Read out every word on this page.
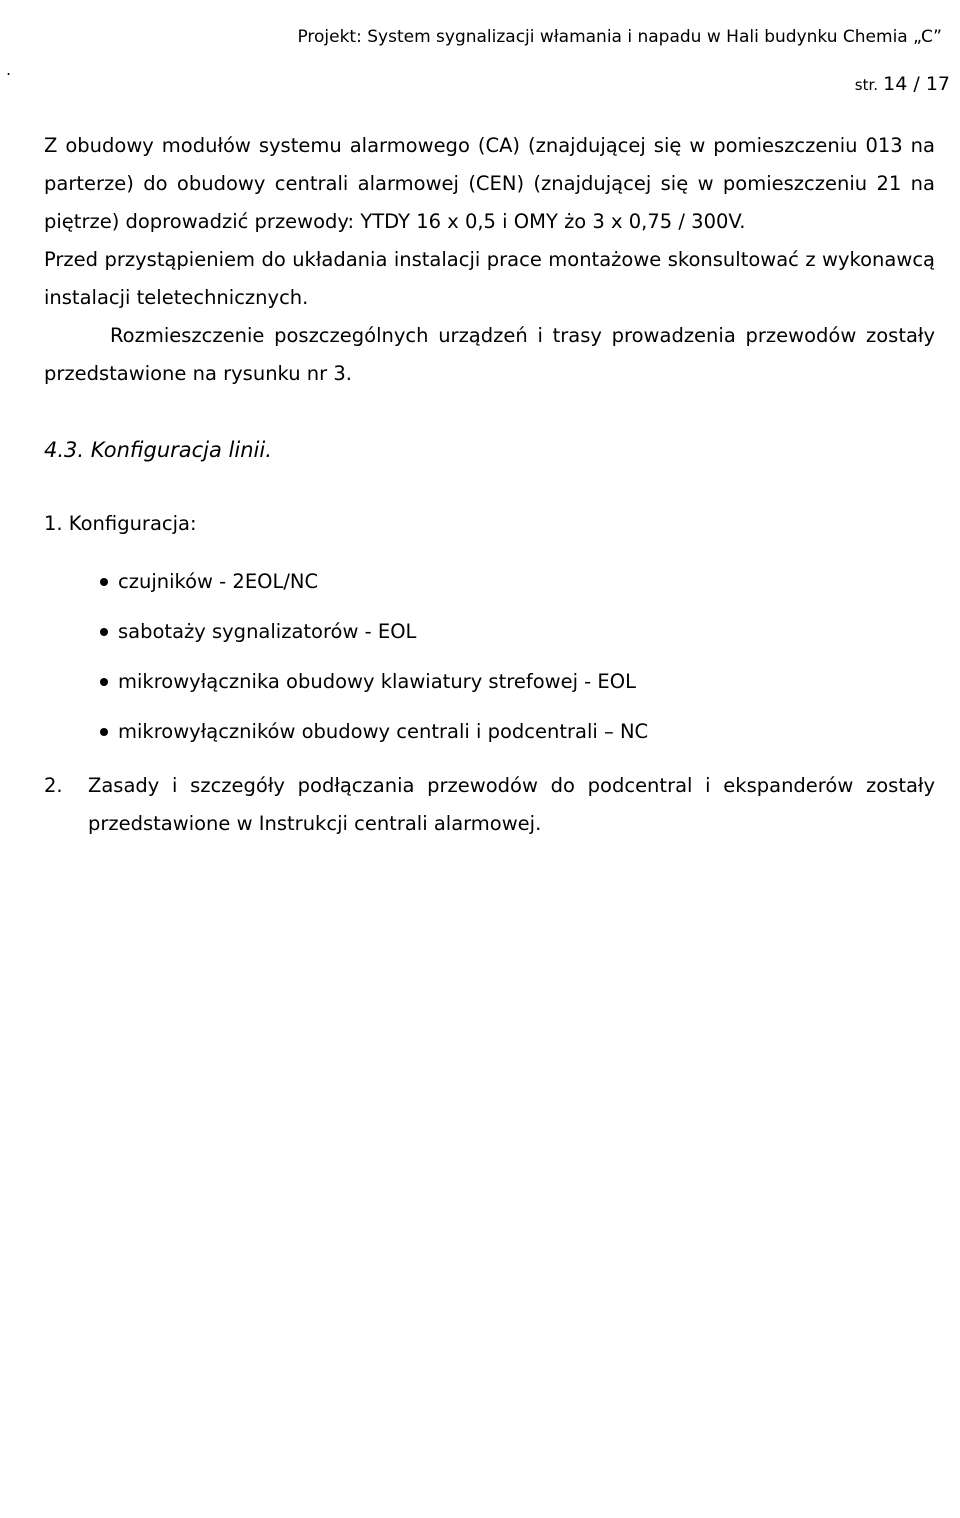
.
Projekt: System sygnalizacji włamania i napadu w Hali budynku Chemia „C”
str. 14 / 17

Z obudowy modułów systemu alarmowego (CA) (znajdującej się w pomieszczeniu 013 na parterze) do obudowy centrali alarmowej (CEN) (znajdującej się w pomieszczeniu 21 na piętrze) doprowadzić przewody: YTDY 16 x 0,5 i OMY żo 3 x 0,75 / 300V.

Przed przystąpieniem do układania instalacji prace montażowe skonsultować z wykonawcą instalacji teletechnicznych.

Rozmieszczenie poszczególnych urządzeń i trasy prowadzenia przewodów zostały przedstawione na rysunku nr 3.

4.3. Konfiguracja linii.
1. Konfiguracja:
czujników - 2EOL/NC
sabotaży sygnalizatorów - EOL
mikrowyłącznika obudowy klawiatury strefowej - EOL
mikrowyłączników obudowy centrali i podcentrali – NC
2. Zasady i szczegóły podłączania przewodów do podcentral i ekspanderów zostały przedstawione w Instrukcji centrali alarmowej.
